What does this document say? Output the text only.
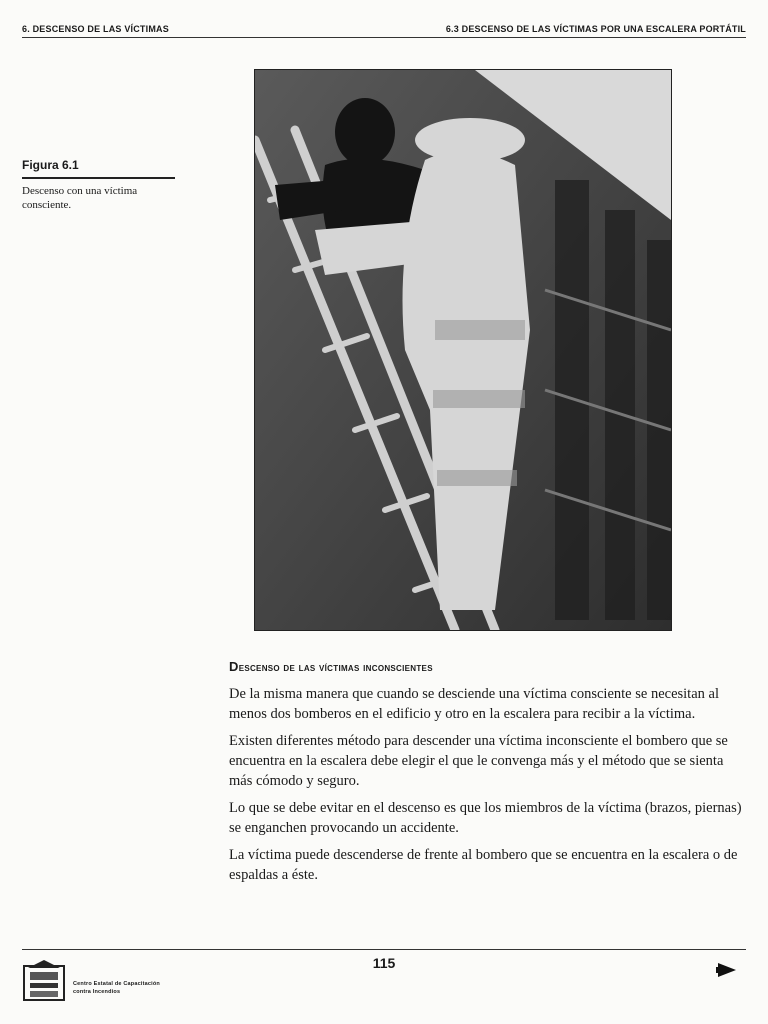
6. DESCENSO DE LAS VÍCTIMAS	6.3 DESCENSO DE LAS VÍCTIMAS POR UNA ESCALERA PORTÁTIL
Figura 6.1
Descenso con una víctima consciente.
Descenso de las víctimas inconscientes

De la misma manera que cuando se desciende una víctima consciente se necesitan al menos dos bomberos en el edificio y otro en la escalera para recibir a la víctima.

Existen diferentes método para descender una víctima inconsciente el bombero que se encuentra en la escalera debe elegir el que le convenga más y el método que se sienta más cómodo y seguro.

Lo que se debe evitar en el descenso es que los miembros de la víctima (brazos, piernas) se enganchen provocando un accidente.

La víctima puede descenderse de frente al bombero que se encuentra en la escalera o de espaldas a éste.

115
Centro Estatal de Capacitación
contra Incendios
